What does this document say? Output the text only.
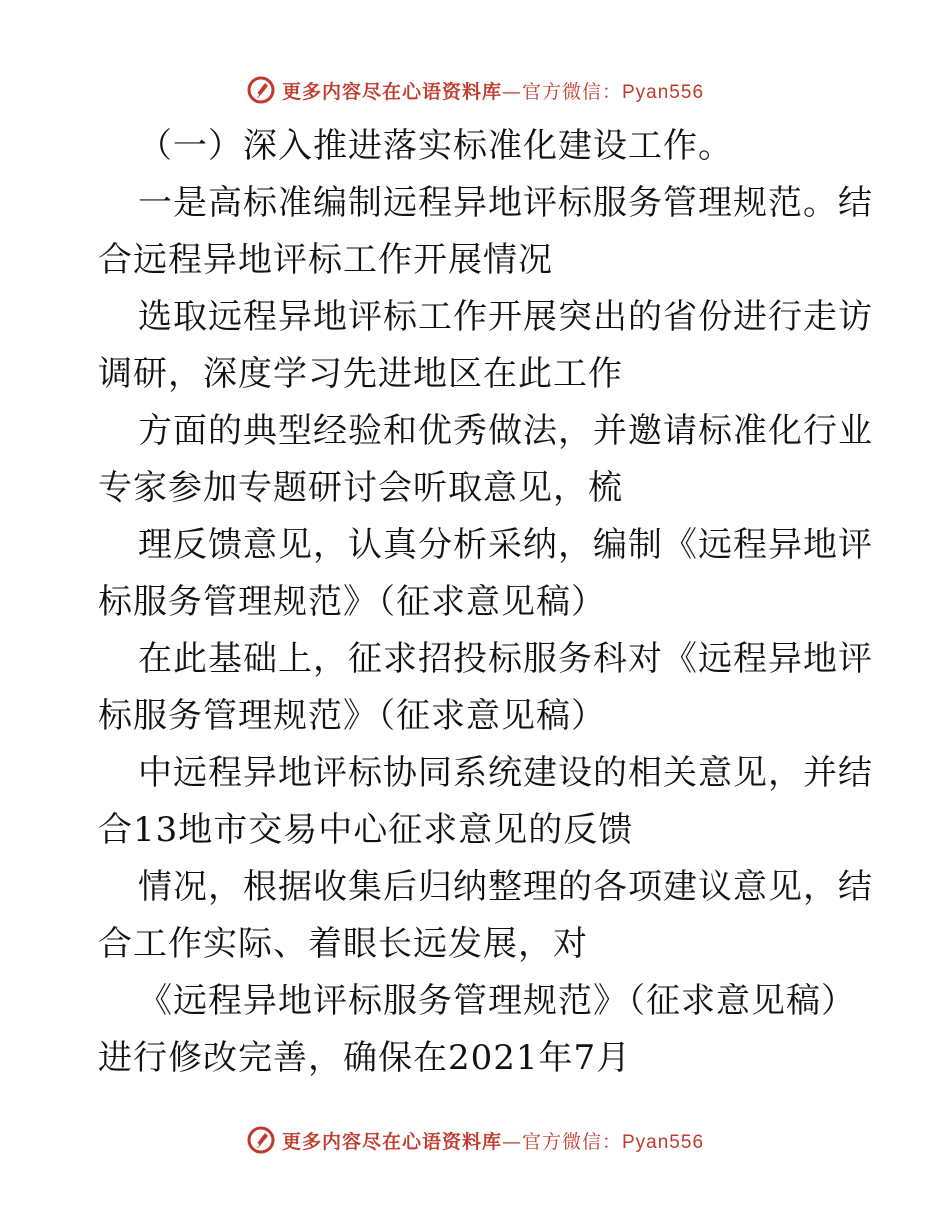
更多内容尽在心语资料库—官方微信：Pyan556
（一）深入推进落实标准化建设工作。
一是高标准编制远程异地评标服务管理规范。结
合远程异地评标工作开展情况
选取远程异地评标工作开展突出的省份进行走访
调研，深度学习先进地区在此工作
方面的典型经验和优秀做法，并邀请标准化行业
专家参加专题研讨会听取意见，梳
理反馈意见，认真分析采纳，编制《远程异地评
标服务管理规范》（征求意见稿）
在此基础上，征求招投标服务科对《远程异地评
标服务管理规范》（征求意见稿）
中远程异地评标协同系统建设的相关意见，并结
合13地市交易中心征求意见的反馈
情况，根据收集后归纳整理的各项建议意见，结
合工作实际、着眼长远发展，对
《远程异地评标服务管理规范》（征求意见稿）
进行修改完善，确保在2021年7月
更多内容尽在心语资料库—官方微信：Pyan556
